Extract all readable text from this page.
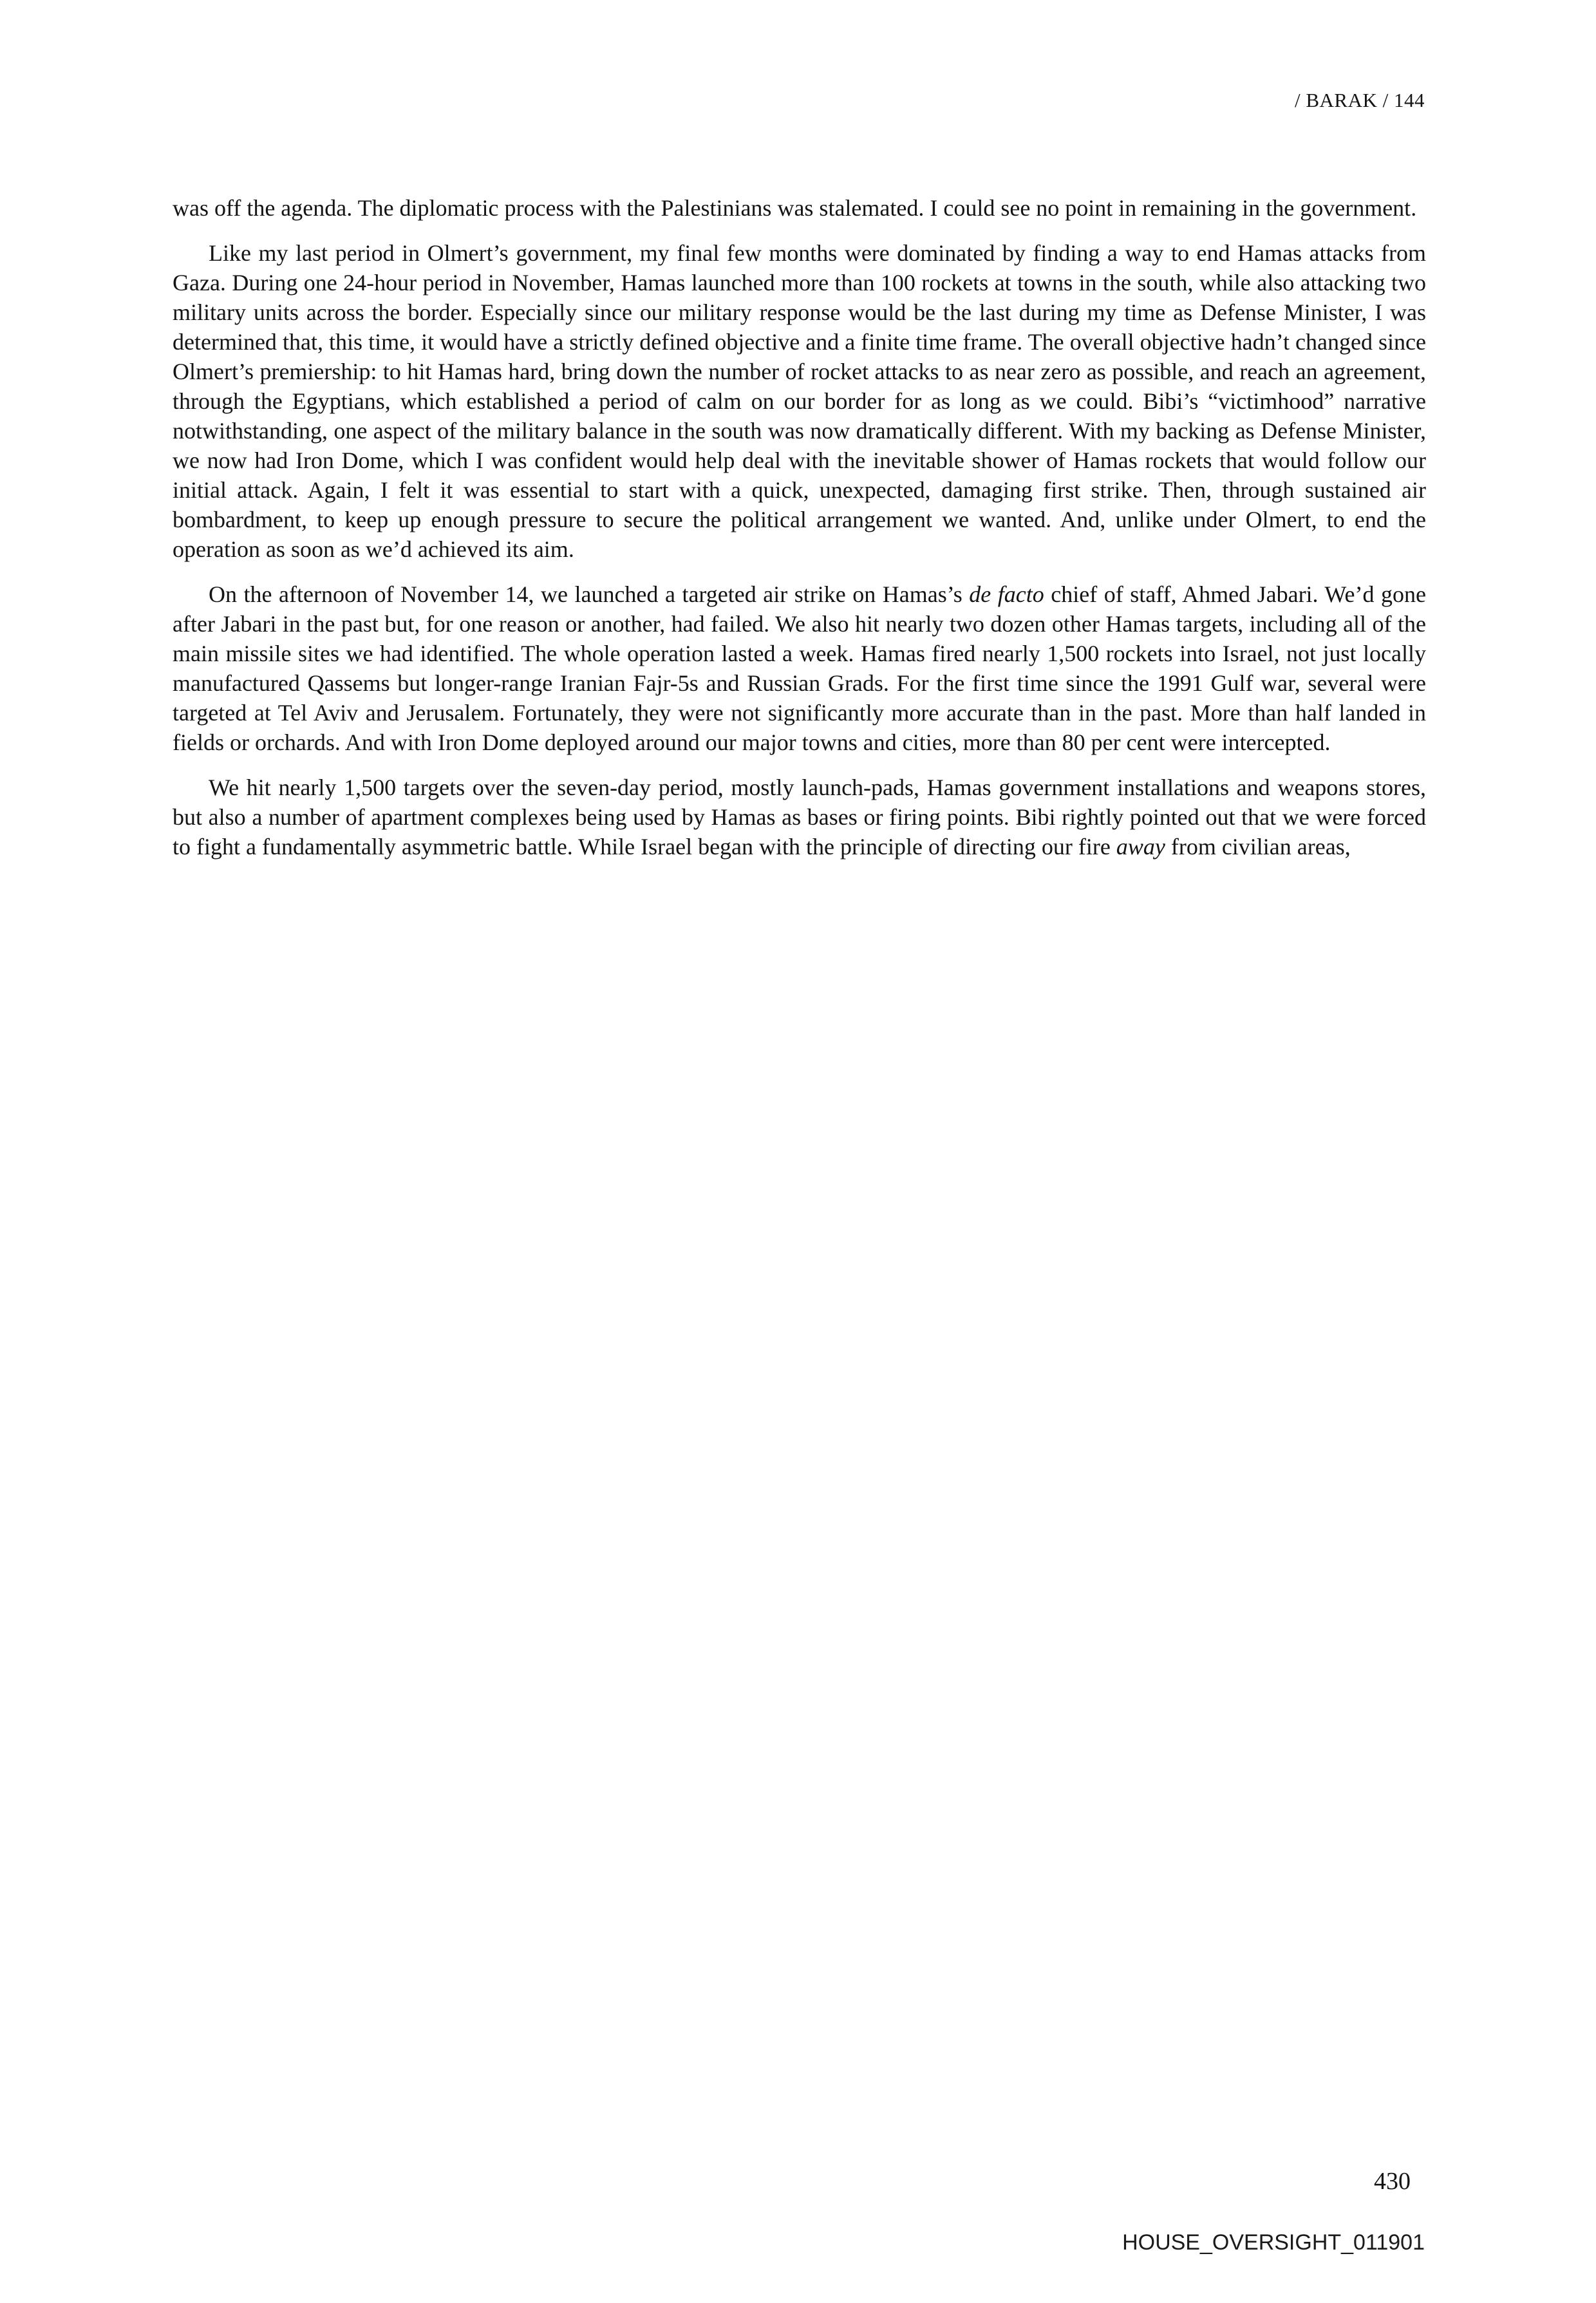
/ BARAK / 144

was off the agenda. The diplomatic process with the Palestinians was stalemated. I could see no point in remaining in the government.

Like my last period in Olmert’s government, my final few months were dominated by finding a way to end Hamas attacks from Gaza. During one 24-hour period in November, Hamas launched more than 100 rockets at towns in the south, while also attacking two military units across the border. Especially since our military response would be the last during my time as Defense Minister, I was determined that, this time, it would have a strictly defined objective and a finite time frame. The overall objective hadn’t changed since Olmert’s premiership: to hit Hamas hard, bring down the number of rocket attacks to as near zero as possible, and reach an agreement, through the Egyptians, which established a period of calm on our border for as long as we could. Bibi’s “victimhood” narrative notwithstanding, one aspect of the military balance in the south was now dramatically different. With my backing as Defense Minister, we now had Iron Dome, which I was confident would help deal with the inevitable shower of Hamas rockets that would follow our initial attack. Again, I felt it was essential to start with a quick, unexpected, damaging first strike. Then, through sustained air bombardment, to keep up enough pressure to secure the political arrangement we wanted. And, unlike under Olmert, to end the operation as soon as we’d achieved its aim.

On the afternoon of November 14, we launched a targeted air strike on Hamas’s de facto chief of staff, Ahmed Jabari. We’d gone after Jabari in the past but, for one reason or another, had failed. We also hit nearly two dozen other Hamas targets, including all of the main missile sites we had identified. The whole operation lasted a week. Hamas fired nearly 1,500 rockets into Israel, not just locally manufactured Qassems but longer-range Iranian Fajr-5s and Russian Grads. For the first time since the 1991 Gulf war, several were targeted at Tel Aviv and Jerusalem. Fortunately, they were not significantly more accurate than in the past. More than half landed in fields or orchards. And with Iron Dome deployed around our major towns and cities, more than 80 per cent were intercepted.

We hit nearly 1,500 targets over the seven-day period, mostly launch-pads, Hamas government installations and weapons stores, but also a number of apartment complexes being used by Hamas as bases or firing points. Bibi rightly pointed out that we were forced to fight a fundamentally asymmetric battle. While Israel began with the principle of directing our fire away from civilian areas,

430
HOUSE_OVERSIGHT_011901
